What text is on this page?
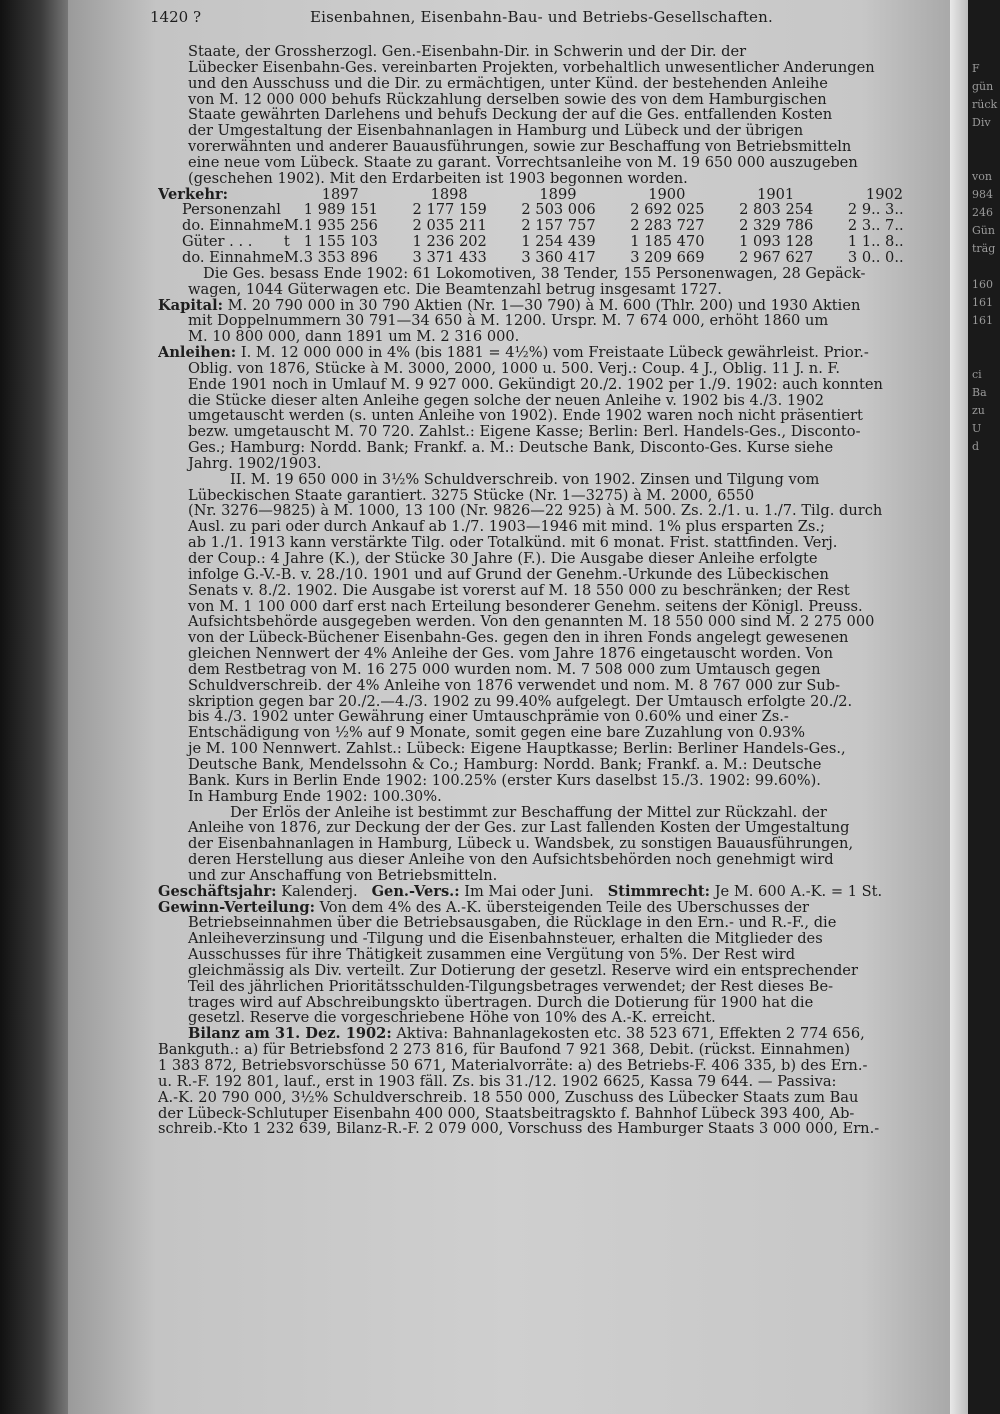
F
gün
rück
Div

von
984
246
Gün
träg

160
161
161

ci
Ba
zu
U
d
1420 ?	Eisenbahnen, Eisenbahn-Bau- und Betriebs-Gesellschaften.
Staate, der Grossherzogl. Gen.-Eisenbahn-Dir. in Schwerin und der Dir. der
Lübecker Eisenbahn-Ges. vereinbarten Projekten, vorbehaltlich unwesentlicher Änderungen
und den Ausschuss und die Dir. zu ermächtigen, unter Künd. der bestehenden Anleihe
von M. 12 000 000 behufs Rückzahlung derselben sowie des von dem Hamburgischen
Staate gewährten Darlehens und behufs Deckung der auf die Ges. entfallenden Kosten
der Umgestaltung der Eisenbahnanlagen in Hamburg und Lübeck und der übrigen
vorerwähnten und anderer Bauausführungen, sowie zur Beschaffung von Betriebsmitteln
eine neue vom Lübeck. Staate zu garant. Vorrechtsanleihe von M. 19 650 000 auszugeben
(geschehen 1902). Mit den Erdarbeiten ist 1903 begonnen worden.
Verkehr:
		1897	1898	1899	1900	1901	1902
Personenzahl		1 989 151	2 177 159	2 503 006	2 692 025	2 803 254	2 9.. 3..
do. Einnahme	M.	1 935 256	2 035 211	2 157 757	2 283 727	2 329 786	2 3.. 7..
Güter . . .	t	1 155 103	1 236 202	1 254 439	1 185 470	1 093 128	1 1.. 8..
do. Einnahme	M.	3 353 896	3 371 433	3 360 417	3 209 669	2 967 627	3 0.. 0..
Die Ges. besass Ende 1902: 61 Lokomotiven, 38 Tender, 155 Personenwagen, 28 Gepäck-
wagen, 1044 Güterwagen etc. Die Beamtenzahl betrug insgesamt 1727.
Kapital: M. 20 790 000 in 30 790 Aktien (Nr. 1—30 790) à M. 600 (Thlr. 200) und 1930 Aktien
mit Doppelnummern 30 791—34 650 à M. 1200. Urspr. M. 7 674 000, erhöht 1860 um
M. 10 800 000, dann 1891 um M. 2 316 000.
Anleihen: I. M. 12 000 000 in 4% (bis 1881 = 4½%) vom Freistaate Lübeck gewährleist. Prior.-
Oblig. von 1876, Stücke à M. 3000, 2000, 1000 u. 500. Verj.: Coup. 4 J., Oblig. 11 J. n. F.
Ende 1901 noch in Umlauf M. 9 927 000. Gekündigt 20./2. 1902 per 1./9. 1902: auch konnten
die Stücke dieser alten Anleihe gegen solche der neuen Anleihe v. 1902 bis 4./3. 1902
umgetauscht werden (s. unten Anleihe von 1902). Ende 1902 waren noch nicht präsentiert
bezw. umgetauscht M. 70 720. Zahlst.: Eigene Kasse; Berlin: Berl. Handels-Ges., Disconto-
Ges.; Hamburg: Nordd. Bank; Frankf. a. M.: Deutsche Bank, Disconto-Ges. Kurse siehe
Jahrg. 1902/1903.
II. M. 19 650 000 in 3½% Schuldverschreib. von 1902. Zinsen und Tilgung vom
Lübeckischen Staate garantiert. 3275 Stücke (Nr. 1—3275) à M. 2000, 6550
(Nr. 3276—9825) à M. 1000, 13 100 (Nr. 9826—22 925) à M. 500. Zs. 2./1. u. 1./7. Tilg. durch
Ausl. zu pari oder durch Ankauf ab 1./7. 1903—1946 mit mind. 1% plus ersparten Zs.;
ab 1./1. 1913 kann verstärkte Tilg. oder Totalkünd. mit 6 monat. Frist. stattfinden. Verj.
der Coup.: 4 Jahre (K.), der Stücke 30 Jahre (F.). Die Ausgabe dieser Anleihe erfolgte
infolge G.-V.-B. v. 28./10. 1901 und auf Grund der Genehm.-Urkunde des Lübeckischen
Senats v. 8./2. 1902. Die Ausgabe ist vorerst auf M. 18 550 000 zu beschränken; der Rest
von M. 1 100 000 darf erst nach Erteilung besonderer Genehm. seitens der Königl. Preuss.
Aufsichtsbehörde ausgegeben werden. Von den genannten M. 18 550 000 sind M. 2 275 000
von der Lübeck-Büchener Eisenbahn-Ges. gegen den in ihren Fonds angelegt gewesenen
gleichen Nennwert der 4% Anleihe der Ges. vom Jahre 1876 eingetauscht worden. Von
dem Restbetrag von M. 16 275 000 wurden nom. M. 7 508 000 zum Umtausch gegen
Schuldverschreib. der 4% Anleihe von 1876 verwendet und nom. M. 8 767 000 zur Sub-
skription gegen bar 20./2.—4./3. 1902 zu 99.40% aufgelegt. Der Umtausch erfolgte 20./2.
bis 4./3. 1902 unter Gewährung einer Umtauschprämie von 0.60% und einer Zs.-
Entschädigung von ½% auf 9 Monate, somit gegen eine bare Zuzahlung von 0.93%
je M. 100 Nennwert. Zahlst.: Lübeck: Eigene Hauptkasse; Berlin: Berliner Handels-Ges.,
Deutsche Bank, Mendelssohn & Co.; Hamburg: Nordd. Bank; Frankf. a. M.: Deutsche
Bank. Kurs in Berlin Ende 1902: 100.25% (erster Kurs daselbst 15./3. 1902: 99.60%).
In Hamburg Ende 1902: 100.30%.
Der Erlös der Anleihe ist bestimmt zur Beschaffung der Mittel zur Rückzahl. der
Anleihe von 1876, zur Deckung der der Ges. zur Last fallenden Kosten der Umgestaltung
der Eisenbahnanlagen in Hamburg, Lübeck u. Wandsbek, zu sonstigen Bauausführungen,
deren Herstellung aus dieser Anleihe von den Aufsichtsbehörden noch genehmigt wird
und zur Anschaffung von Betriebsmitteln.
Geschäftsjahr: Kalenderj. Gen.-Vers.: Im Mai oder Juni. Stimmrecht: Je M. 600 A.-K. = 1 St.
Gewinn-Verteilung: Von dem 4% des A.-K. übersteigenden Teile des Überschusses der
Betriebseinnahmen über die Betriebsausgaben, die Rücklage in den Ern.- und R.-F., die
Anleiheverzinsung und -Tilgung und die Eisenbahnsteuer, erhalten die Mitglieder des
Ausschusses für ihre Thätigkeit zusammen eine Vergütung von 5%. Der Rest wird
gleichmässig als Div. verteilt. Zur Dotierung der gesetzl. Reserve wird ein entsprechender
Teil des jährlichen Prioritätsschulden-Tilgungsbetrages verwendet; der Rest dieses Be-
trages wird auf Abschreibungskto übertragen. Durch die Dotierung für 1900 hat die
gesetzl. Reserve die vorgeschriebene Höhe von 10% des A.-K. erreicht.
Bilanz am 31. Dez. 1902: Aktiva: Bahnanlagekosten etc. 38 523 671, Effekten 2 774 656,
Bankguth.: a) für Betriebsfond 2 273 816, für Baufond 7 921 368, Debit. (rückst. Einnahmen)
1 383 872, Betriebsvorschüsse 50 671, Materialvorräte: a) des Betriebs-F. 406 335, b) des Ern.-
u. R.-F. 192 801, lauf., erst in 1903 fäll. Zs. bis 31./12. 1902 6625, Kassa 79 644. — Passiva:
A.-K. 20 790 000, 3½% Schuldverschreib. 18 550 000, Zuschuss des Lübecker Staats zum Bau
der Lübeck-Schlutuper Eisenbahn 400 000, Staatsbeitragskto f. Bahnhof Lübeck 393 400, Ab-
schreib.-Kto 1 232 639, Bilanz-R.-F. 2 079 000, Vorschuss des Hamburger Staats 3 000 000, Ern.-
